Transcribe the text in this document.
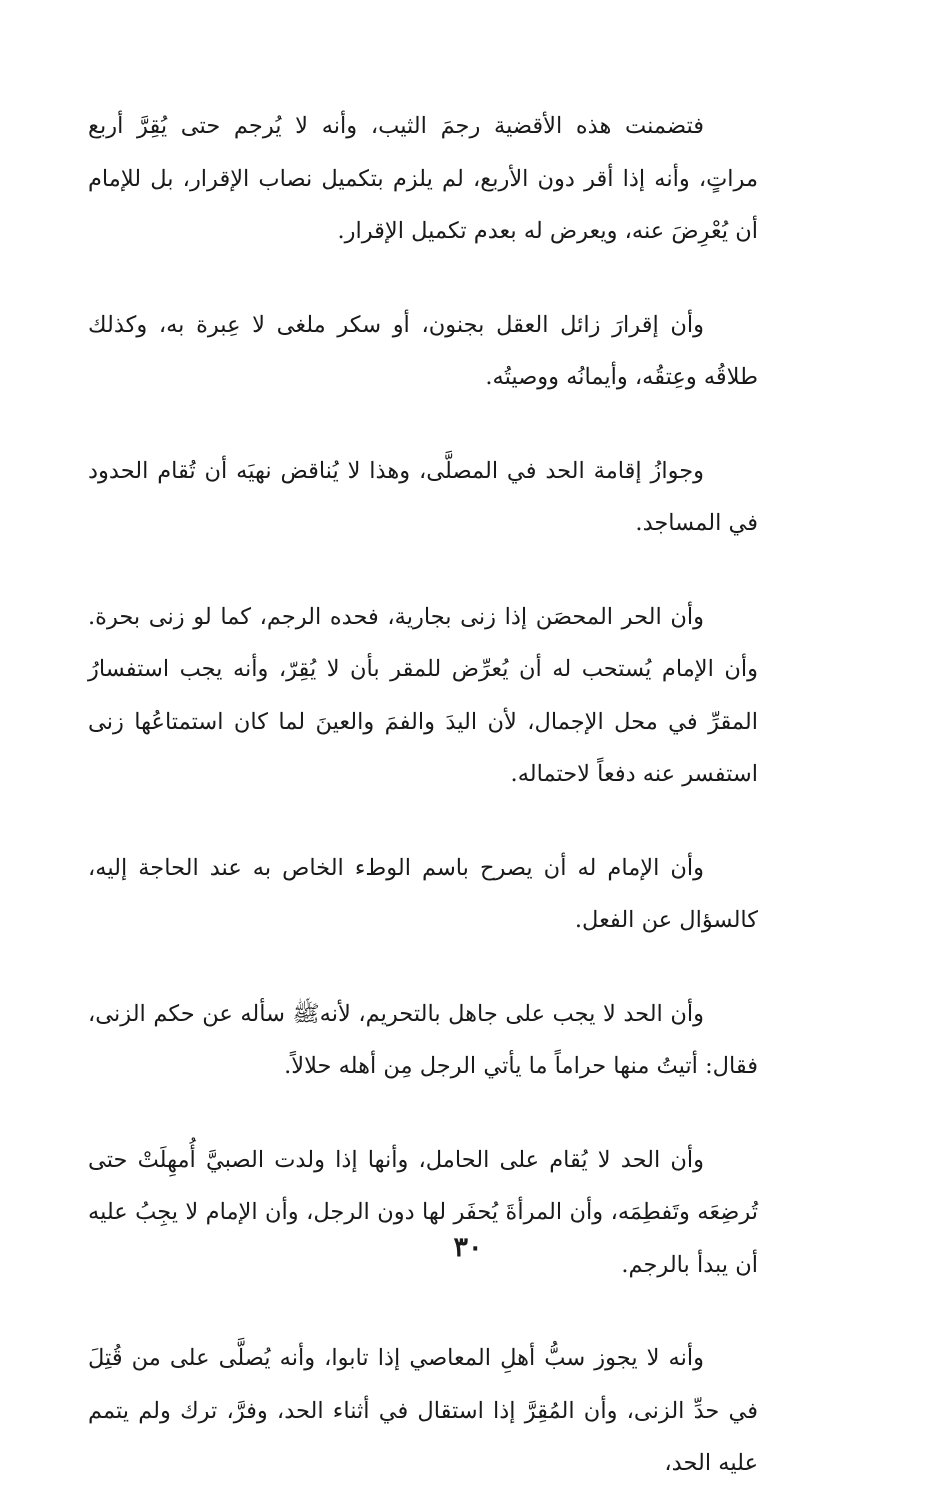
فتضمنت هذه الأقضية رجمَ الثيب، وأنه لا يُرجم حتى يُقِرَّ أربع مراتٍ، وأنه إذا أقر دون الأربع، لم يلزم بتكميل نصاب الإقرار، بل للإمام أن يُعْرِضَ عنه، ويعرض له بعدم تكميل الإقرار.

وأن إقرارَ زائل العقل بجنون، أو سكر ملغى لا عِبرة به، وكذلك طلاقُه وعِتقُه، وأيمانُه ووصيتُه.

وجوازُ إقامة الحد في المصلَّى، وهذا لا يُناقض نهيَه أن تُقام الحدود في المساجد.

وأن الحر المحصَن إذا زنى بجارية، فحده الرجم، كما لو زنى بحرة. وأن الإمام يُستحب له أن يُعرِّض للمقر بأن لا يُقِرّ، وأنه يجب استفسارُ المقرِّ في محل الإجمال، لأن اليدَ والفمَ والعينَ لما كان استمتاعُها زنى استفسر عنه دفعاً لاحتماله.

وأن الإمام له أن يصرح باسم الوطء الخاص به عند الحاجة إليه، كالسؤال عن الفعل.

وأن الحد لا يجب على جاهل بالتحريم، لأنهﷺ سأله عن حكم الزنى، فقال: أتيتُ منها حراماً ما يأتي الرجل مِن أهله حلالاً.

وأن الحد لا يُقام على الحامل، وأنها إذا ولدت الصبيَّ أُمهِلَتْ حتى تُرضِعَه وتَفطِمَه، وأن المرأةَ يُحفَر لها دون الرجل، وأن الإمام لا يجِبُ عليه أن يبدأ بالرجم.

وأنه لا يجوز سبُّ أهلِ المعاصي إذا تابوا، وأنه يُصلَّى على من قُتِلَ في حدِّ الزنى، وأن المُقِرَّ إذا استقال في أثناء الحد، وفرَّ، ترك ولم يتمم عليه الحد،

٣٠
